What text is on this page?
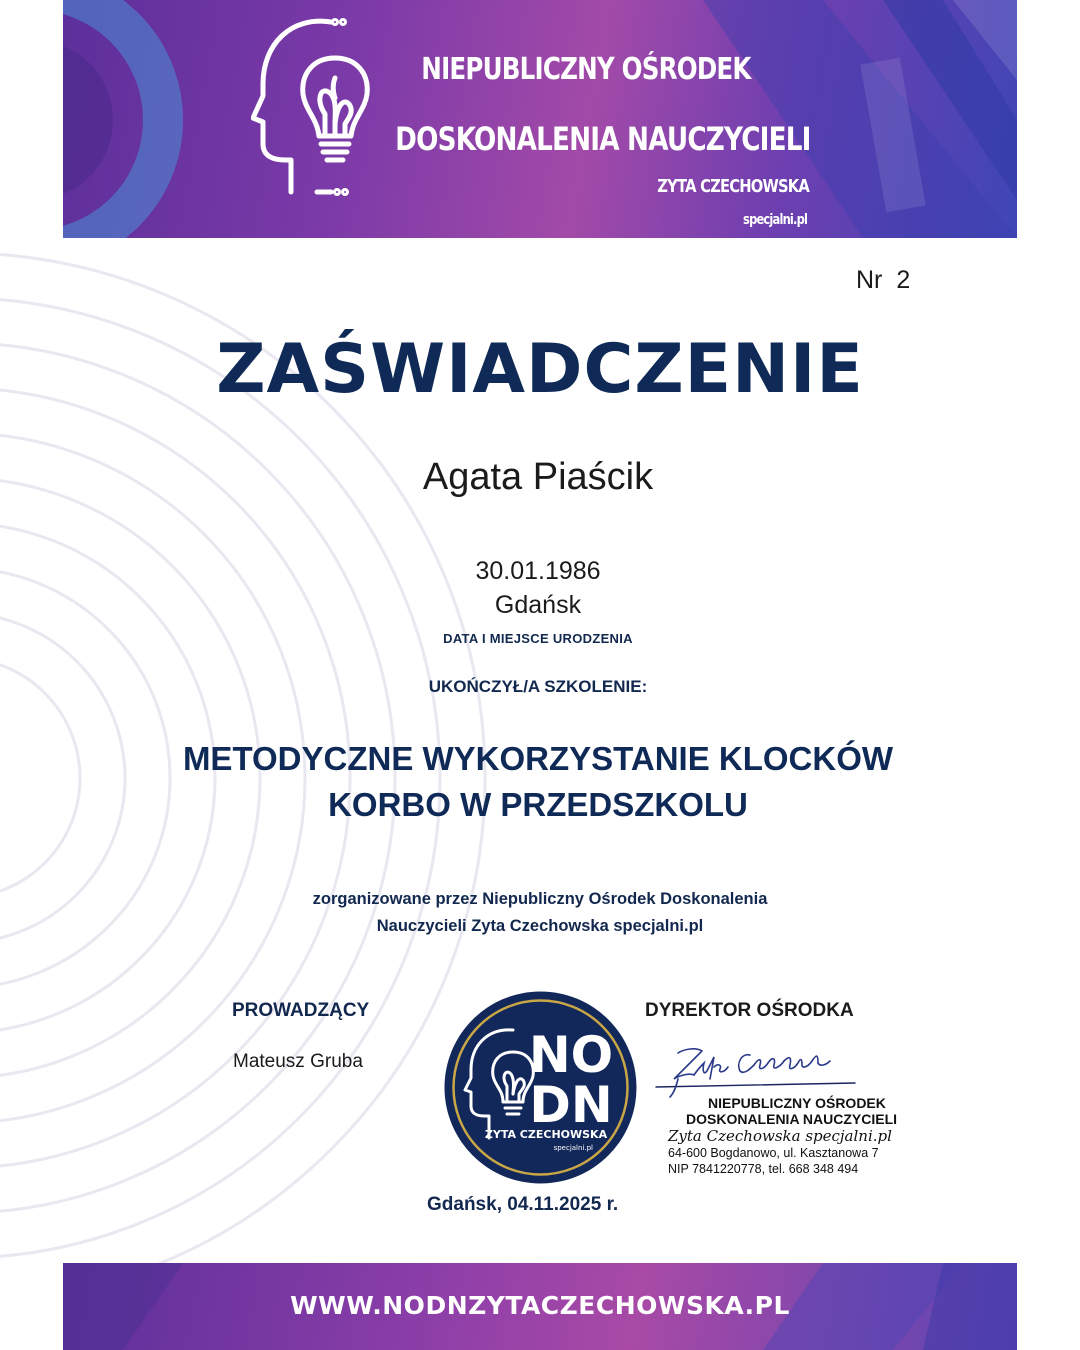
NIEPUBLICZNY OŚRODEK
DOSKONALENIA NAUCZYCIELI
ZYTA CZECHOWSKA
specjalni.pl
Nr 2
ZAŚWIADCZENIE
Agata Piaścik
30.01.1986
Gdańsk
DATA I MIEJSCE URODZENIA
UKOŃCZYŁ/A SZKOLENIE:
METODYCZNE WYKORZYSTANIE KLOCKÓW
KORBO W PRZEDSZKOLU
zorganizowane przez Niepubliczny Ośrodek Doskonalenia
Nauczycieli Zyta Czechowska specjalni.pl
PROWADZĄCY
Mateusz Gruba	NO
DN
ZYTA CZECHOWSKA
specjalni.pl
DYREKTOR OŚRODKA
Zyta Czechowska
NIEPUBLICZNY OŚRODEK
DOSKONALENIA NAUCZYCIELI
Zyta Czechowska specjalni.pl
64-600 Bogdanowo, ul. Kasztanowa 7
NIP 7841220778, tel. 668 348 494
Gdańsk, 04.11.2025 r.
WWW.NODNZYTACZECHOWSKA.PL
